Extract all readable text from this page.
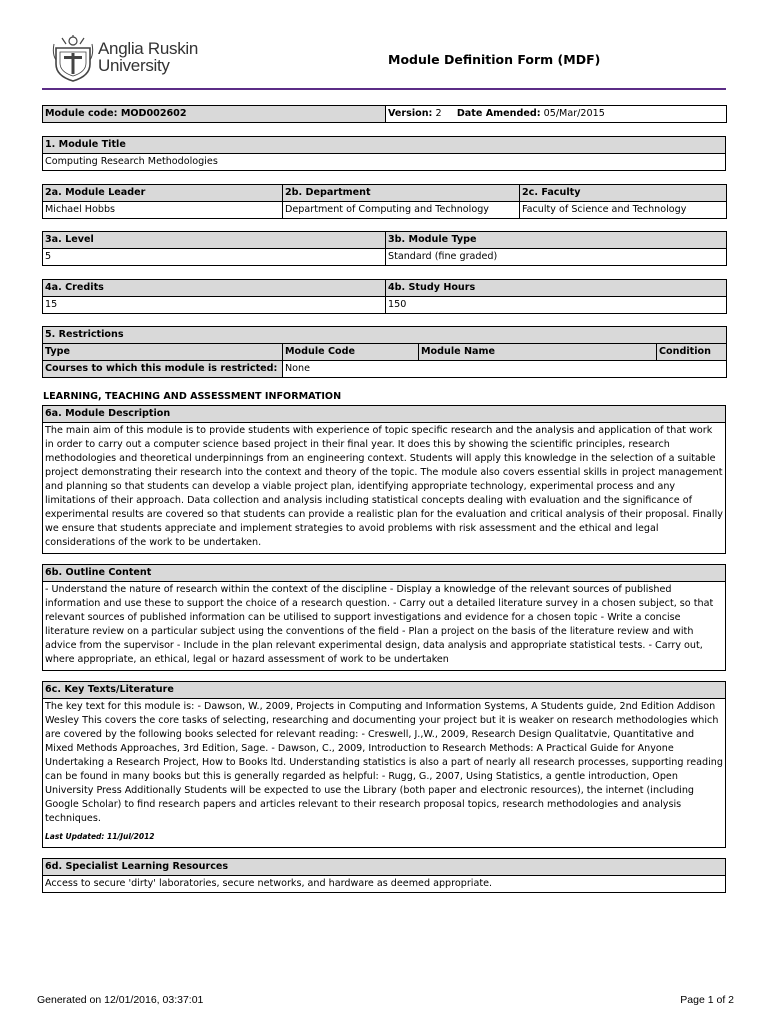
Anglia Ruskin
University	Module Definition Form (MDF)
Module code: MOD002602	Version: 2 Date Amended: 05/Mar/2015
1. Module Title
Computing Research Methodologies
2a. Module Leader	2b. Department	2c. Faculty
Michael Hobbs	Department of Computing and Technology	Faculty of Science and Technology
3a. Level	3b. Module Type
5	Standard (fine graded)
4a. Credits	4b. Study Hours
15	150
5. Restrictions			
Type	Module Code	Module Name	Condition
Courses to which this module is restricted:	None		
LEARNING, TEACHING AND ASSESSMENT INFORMATION
6a. Module Description
The main aim of this module is to provide students with experience of topic specific research and the analysis and application of that work in order to carry out a computer science based project in their final year. It does this by showing the scientific principles, research methodologies and theoretical underpinnings from an engineering context. Students will apply this knowledge in the selection of a suitable project demonstrating their research into the context and theory of the topic. The module also covers essential skills in project management and planning so that students can develop a viable project plan, identifying appropriate technology, experimental process and any limitations of their approach. Data collection and analysis including statistical concepts dealing with evaluation and the significance of experimental results are covered so that students can provide a realistic plan for the evaluation and critical analysis of their proposal. Finally we ensure that students appreciate and implement strategies to avoid problems with risk assessment and the ethical and legal considerations of the work to be undertaken.
6b. Outline Content
- Understand the nature of research within the context of the discipline - Display a knowledge of the relevant sources of published information and use these to support the choice of a research question. - Carry out a detailed literature survey in a chosen subject, so that relevant sources of published information can be utilised to support investigations and evidence for a chosen topic - Write a concise literature review on a particular subject using the conventions of the field - Plan a project on the basis of the literature review and with advice from the supervisor - Include in the plan relevant experimental design, data analysis and appropriate statistical tests. - Carry out, where appropriate, an ethical, legal or hazard assessment of work to be undertaken
6c. Key Texts/Literature

The key text for this module is: - Dawson, W., 2009, Projects in Computing and Information Systems, A Students guide, 2nd Edition Addison Wesley This covers the core tasks of selecting, researching and documenting your project but it is weaker on research methodologies which are covered by the following books selected for relevant reading: - Creswell, J.,W., 2009, Research Design Qualitatvie, Quantitative and Mixed Methods Approaches, 3rd Edition, Sage. - Dawson, C., 2009, Introduction to Research Methods: A Practical Guide for Anyone Undertaking a Research Project, How to Books ltd. Understanding statistics is also a part of nearly all research processes, supporting reading can be found in many books but this is generally regarded as helpful: - Rugg, G., 2007, Using Statistics, a gentle introduction, Open University Press Additionally Students will be expected to use the Library (both paper and electronic resources), the internet (including Google Scholar) to find research papers and articles relevant to their research proposal topics, research methodologies and analysis techniques.
Last Updated: 11/Jul/2012
6d. Specialist Learning Resources
Access to secure 'dirty' laboratories, secure networks, and hardware as deemed appropriate.
Generated on 12/01/2016, 03:37:01	Page 1 of 2
